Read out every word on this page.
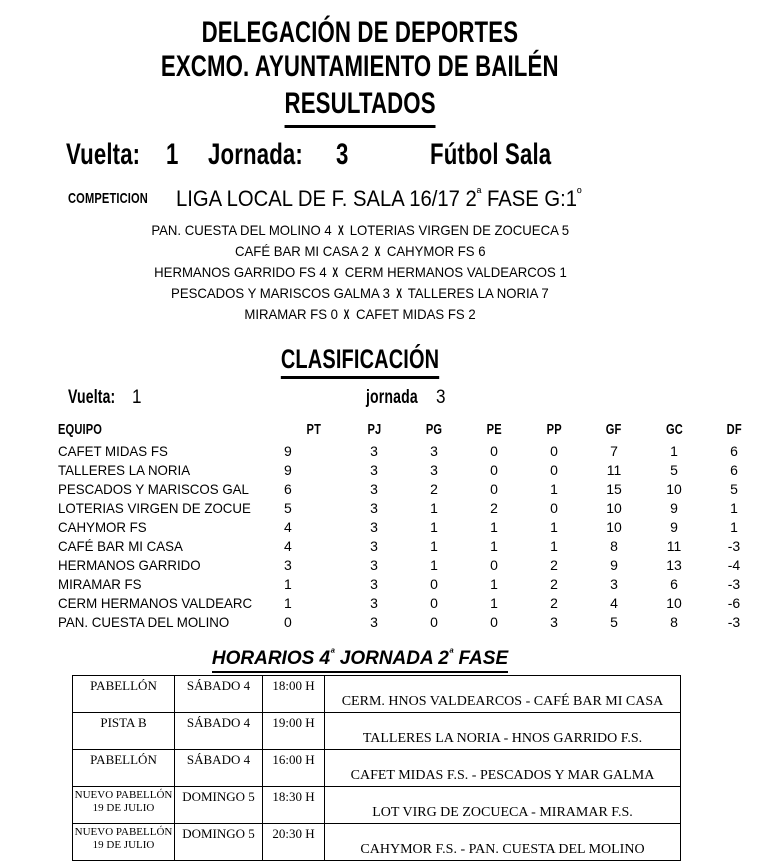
DELEGACIÓN DE DEPORTES
EXCMO. AYUNTAMIENTO DE BAILÉN
RESULTADOS
Vuelta: 1 Jornada: 3	Fútbol Sala
COMPETICION	LIGA LOCAL DE F. SALA 16/17 $2^ª$ FASE $G:1^º$
PAN. CUESTA DEL MOLINO 4 X LOTERIAS VIRGEN DE ZOCUECA 5
CAFÉ BAR MI CASA 2 X CAHYMOR FS 6
HERMANOS GARRIDO FS 4 X CERM HERMANOS VALDEARCOS 1
PESCADOS Y MARISCOS GALMA 3 X TALLERES LA NORIA 7
MIRAMAR FS 0 X CAFET MIDAS FS 2
CLASIFICACIÓN
Vuelta: 1	jornada 3
EQUIPO	PT	PJ	PG	PE	PP	GF	GC	DF
CAFET MIDAS FS	9	3	3	0	0	7	1	6
TALLERES LA NORIA	9	3	3	0	0	11	5	6
PESCADOS Y MARISCOS GAL	6	3	2	0	1	15	10	5
LOTERIAS VIRGEN DE ZOCUE	5	3	1	2	0	10	9	1
CAHYMOR FS	4	3	1	1	1	10	9	1
CAFÉ BAR MI CASA	4	3	1	1	1	8	11	-3
HERMANOS GARRIDO	3	3	1	0	2	9	13	-4
MIRAMAR FS	1	3	0	1	2	3	6	-3
CERM HERMANOS VALDEARC	1	3	0	1	2	4	10	-6
PAN. CUESTA DEL MOLINO	0	3	0	0	3	5	8	-3
HORARIOS $4^ª$ JORNADA $2^ª$ FASE
PABELLÓN	SÁBADO 4	18:00 H	CERM. HNOS VALDEARCOS - CAFÉ BAR MI CASA
PISTA B	SÁBADO 4	19:00 H	TALLERES LA NORIA - HNOS GARRIDO F.S.
PABELLÓN	SÁBADO 4	16:00 H	CAFET MIDAS F.S. - PESCADOS Y MAR GALMA
NUEVO PABELLÓN
19 DE JULIO	DOMINGO 5	18:30 H	LOT VIRG DE ZOCUECA - MIRAMAR F.S.
NUEVO PABELLÓN
19 DE JULIO	DOMINGO 5	20:30 H	CAHYMOR F.S. - PAN. CUESTA DEL MOLINO
